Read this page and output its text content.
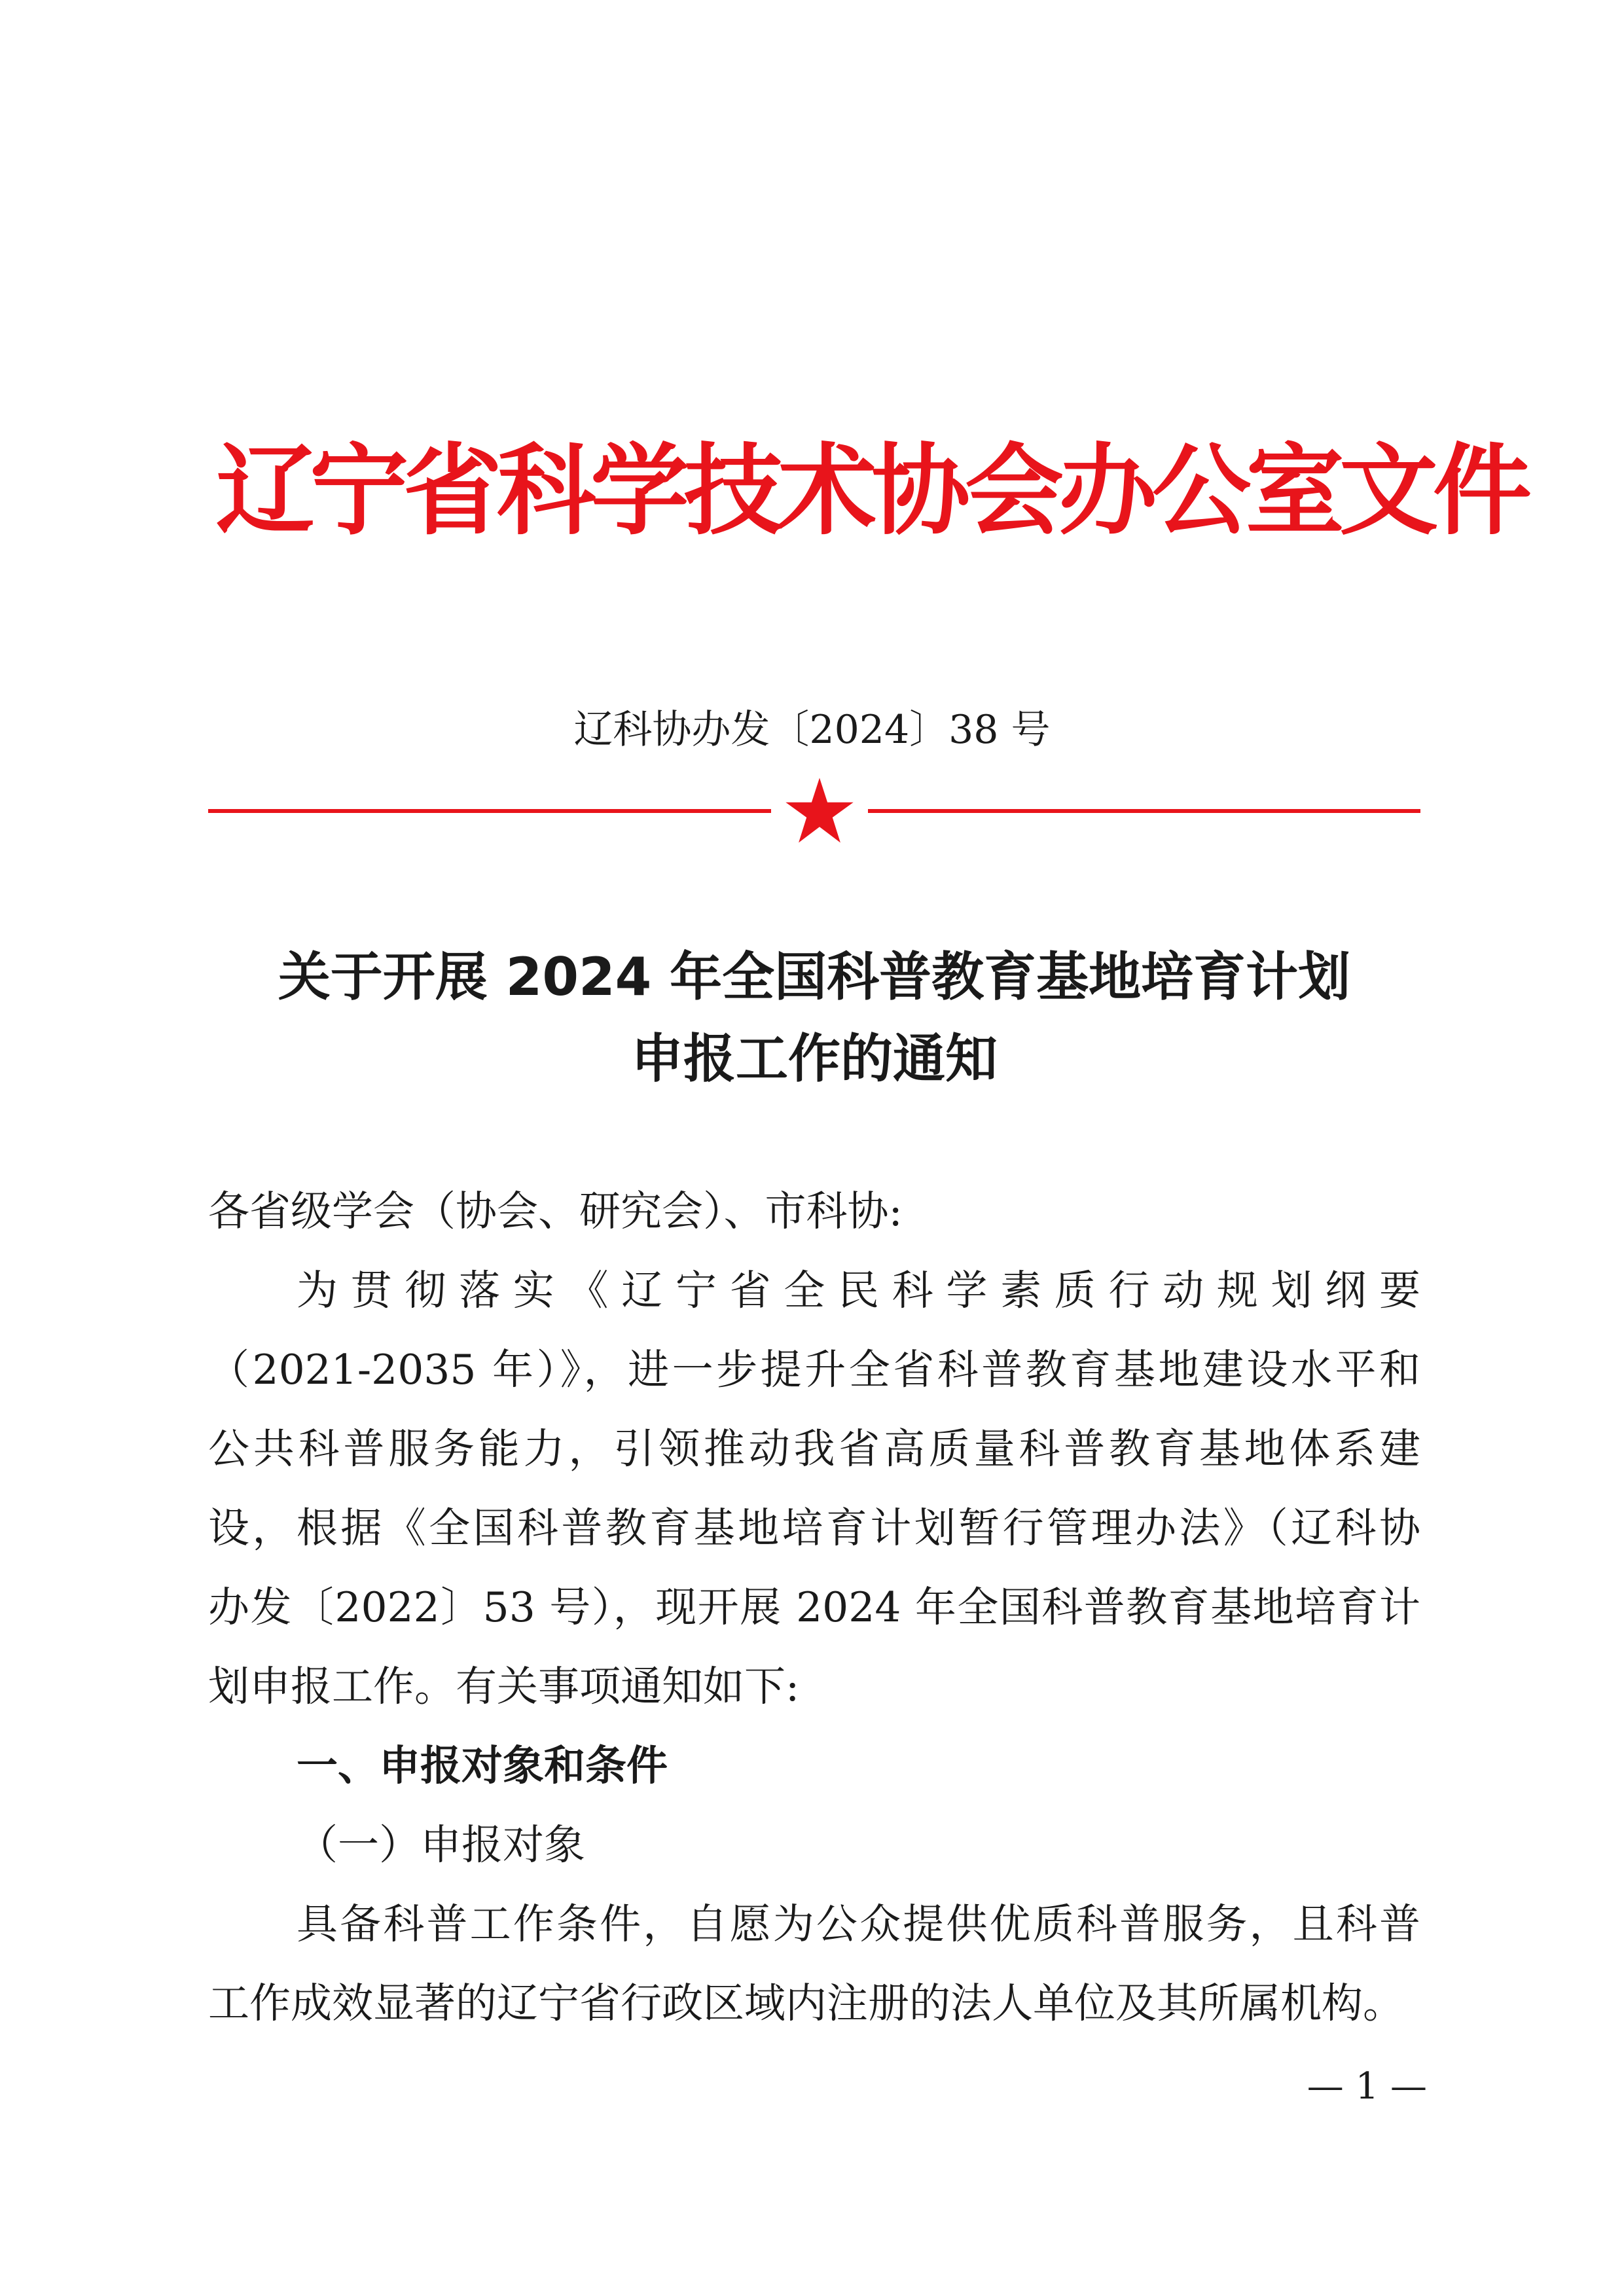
辽宁省科学技术协会办公室文件
辽科协办发〔2024〕38 号
关于开展 2024 年全国科普教育基地培育计划
申报工作的通知

各省级学会（协会、研究会）、市科协:

为贯彻落实《辽宁省全民科学素质行动规划纲要

（2021-2035 年）》，进一步提升全省科普教育基地建设水平和

公共科普服务能力，引领推动我省高质量科普教育基地体系建

设，根据《全国科普教育基地培育计划暂行管理办法》（辽科协

办发〔2022〕53 号），现开展 2024 年全国科普教育基地培育计

划申报工作。有关事项通知如下:

一、申报对象和条件

（一）申报对象

具备科普工作条件，自愿为公众提供优质科普服务，且科普

工作成效显著的辽宁省行政区域内注册的法人单位及其所属机构。

— 1 —
